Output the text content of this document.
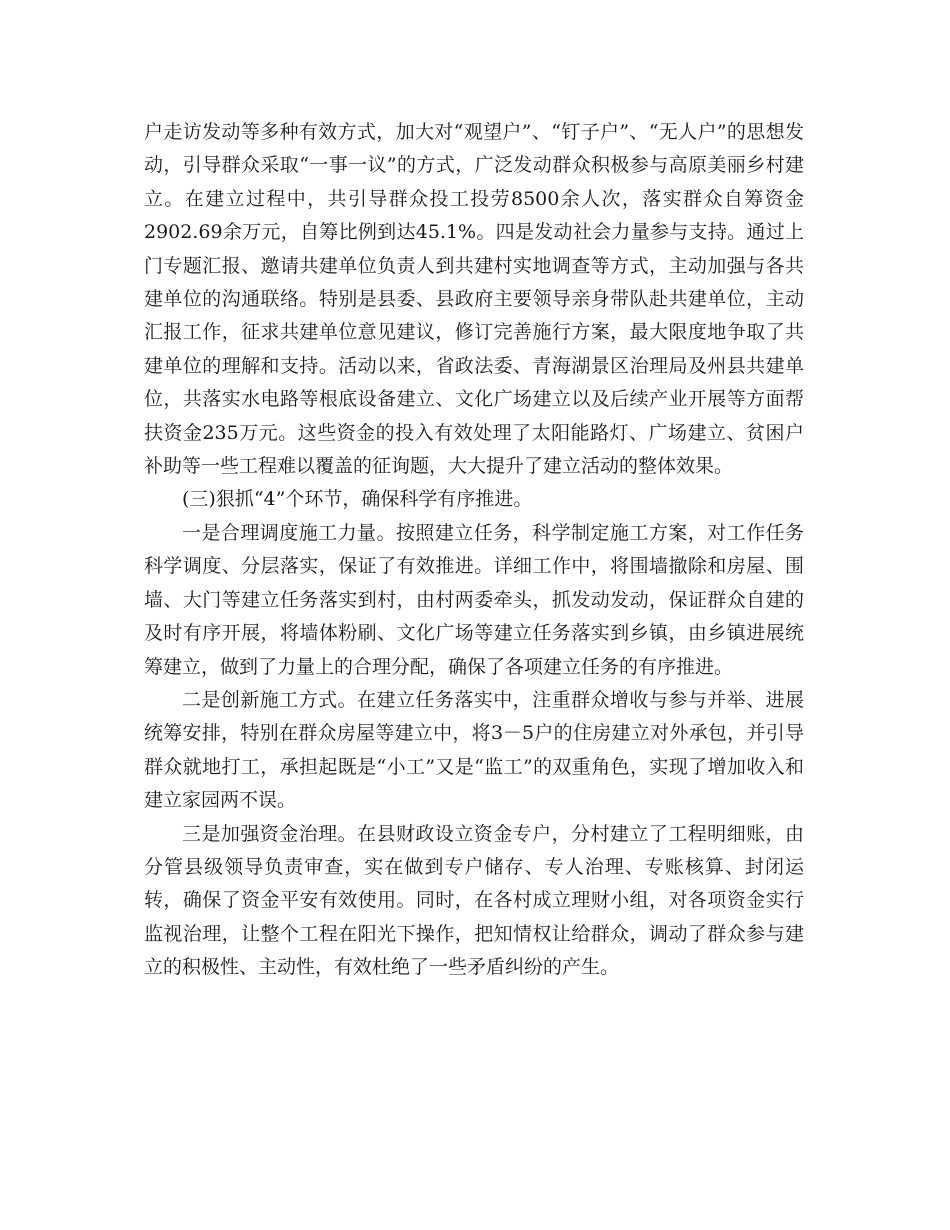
户走访发动等多种有效方式，加大对“观望户”、“钉子户”、“无人户”的思想发动，引导群众采取“一事一议”的方式，广泛发动群众积极参与高原美丽乡村建立。在建立过程中，共引导群众投工投劳8500余人次，落实群众自筹资金2902.69余万元，自筹比例到达45.1%。四是发动社会力量参与支持。通过上门专题汇报、邀请共建单位负责人到共建村实地调查等方式，主动加强与各共建单位的沟通联络。特别是县委、县政府主要领导亲身带队赴共建单位，主动汇报工作，征求共建单位意见建议，修订完善施行方案，最大限度地争取了共建单位的理解和支持。活动以来，省政法委、青海湖景区治理局及州县共建单位，共落实水电路等根底设备建立、文化广场建立以及后续产业开展等方面帮扶资金235万元。这些资金的投入有效处理了太阳能路灯、广场建立、贫困户补助等一些工程难以覆盖的征询题，大大提升了建立活动的整体效果。

(三)狠抓“4”个环节，确保科学有序推进。

一是合理调度施工力量。按照建立任务，科学制定施工方案，对工作任务科学调度、分层落实，保证了有效推进。详细工作中，将围墙撤除和房屋、围墙、大门等建立任务落实到村，由村两委牵头，抓发动发动，保证群众自建的及时有序开展，将墙体粉刷、文化广场等建立任务落实到乡镇，由乡镇进展统筹建立，做到了力量上的合理分配，确保了各项建立任务的有序推进。

二是创新施工方式。在建立任务落实中，注重群众增收与参与并举、进展统筹安排，特别在群众房屋等建立中，将3－5户的住房建立对外承包，并引导群众就地打工，承担起既是“小工”又是“监工”的双重角色，实现了增加收入和建立家园两不误。

三是加强资金治理。在县财政设立资金专户，分村建立了工程明细账，由分管县级领导负责审查，实在做到专户储存、专人治理、专账核算、封闭运转，确保了资金平安有效使用。同时，在各村成立理财小组，对各项资金实行监视治理，让整个工程在阳光下操作，把知情权让给群众，调动了群众参与建立的积极性、主动性，有效杜绝了一些矛盾纠纷的产生。
